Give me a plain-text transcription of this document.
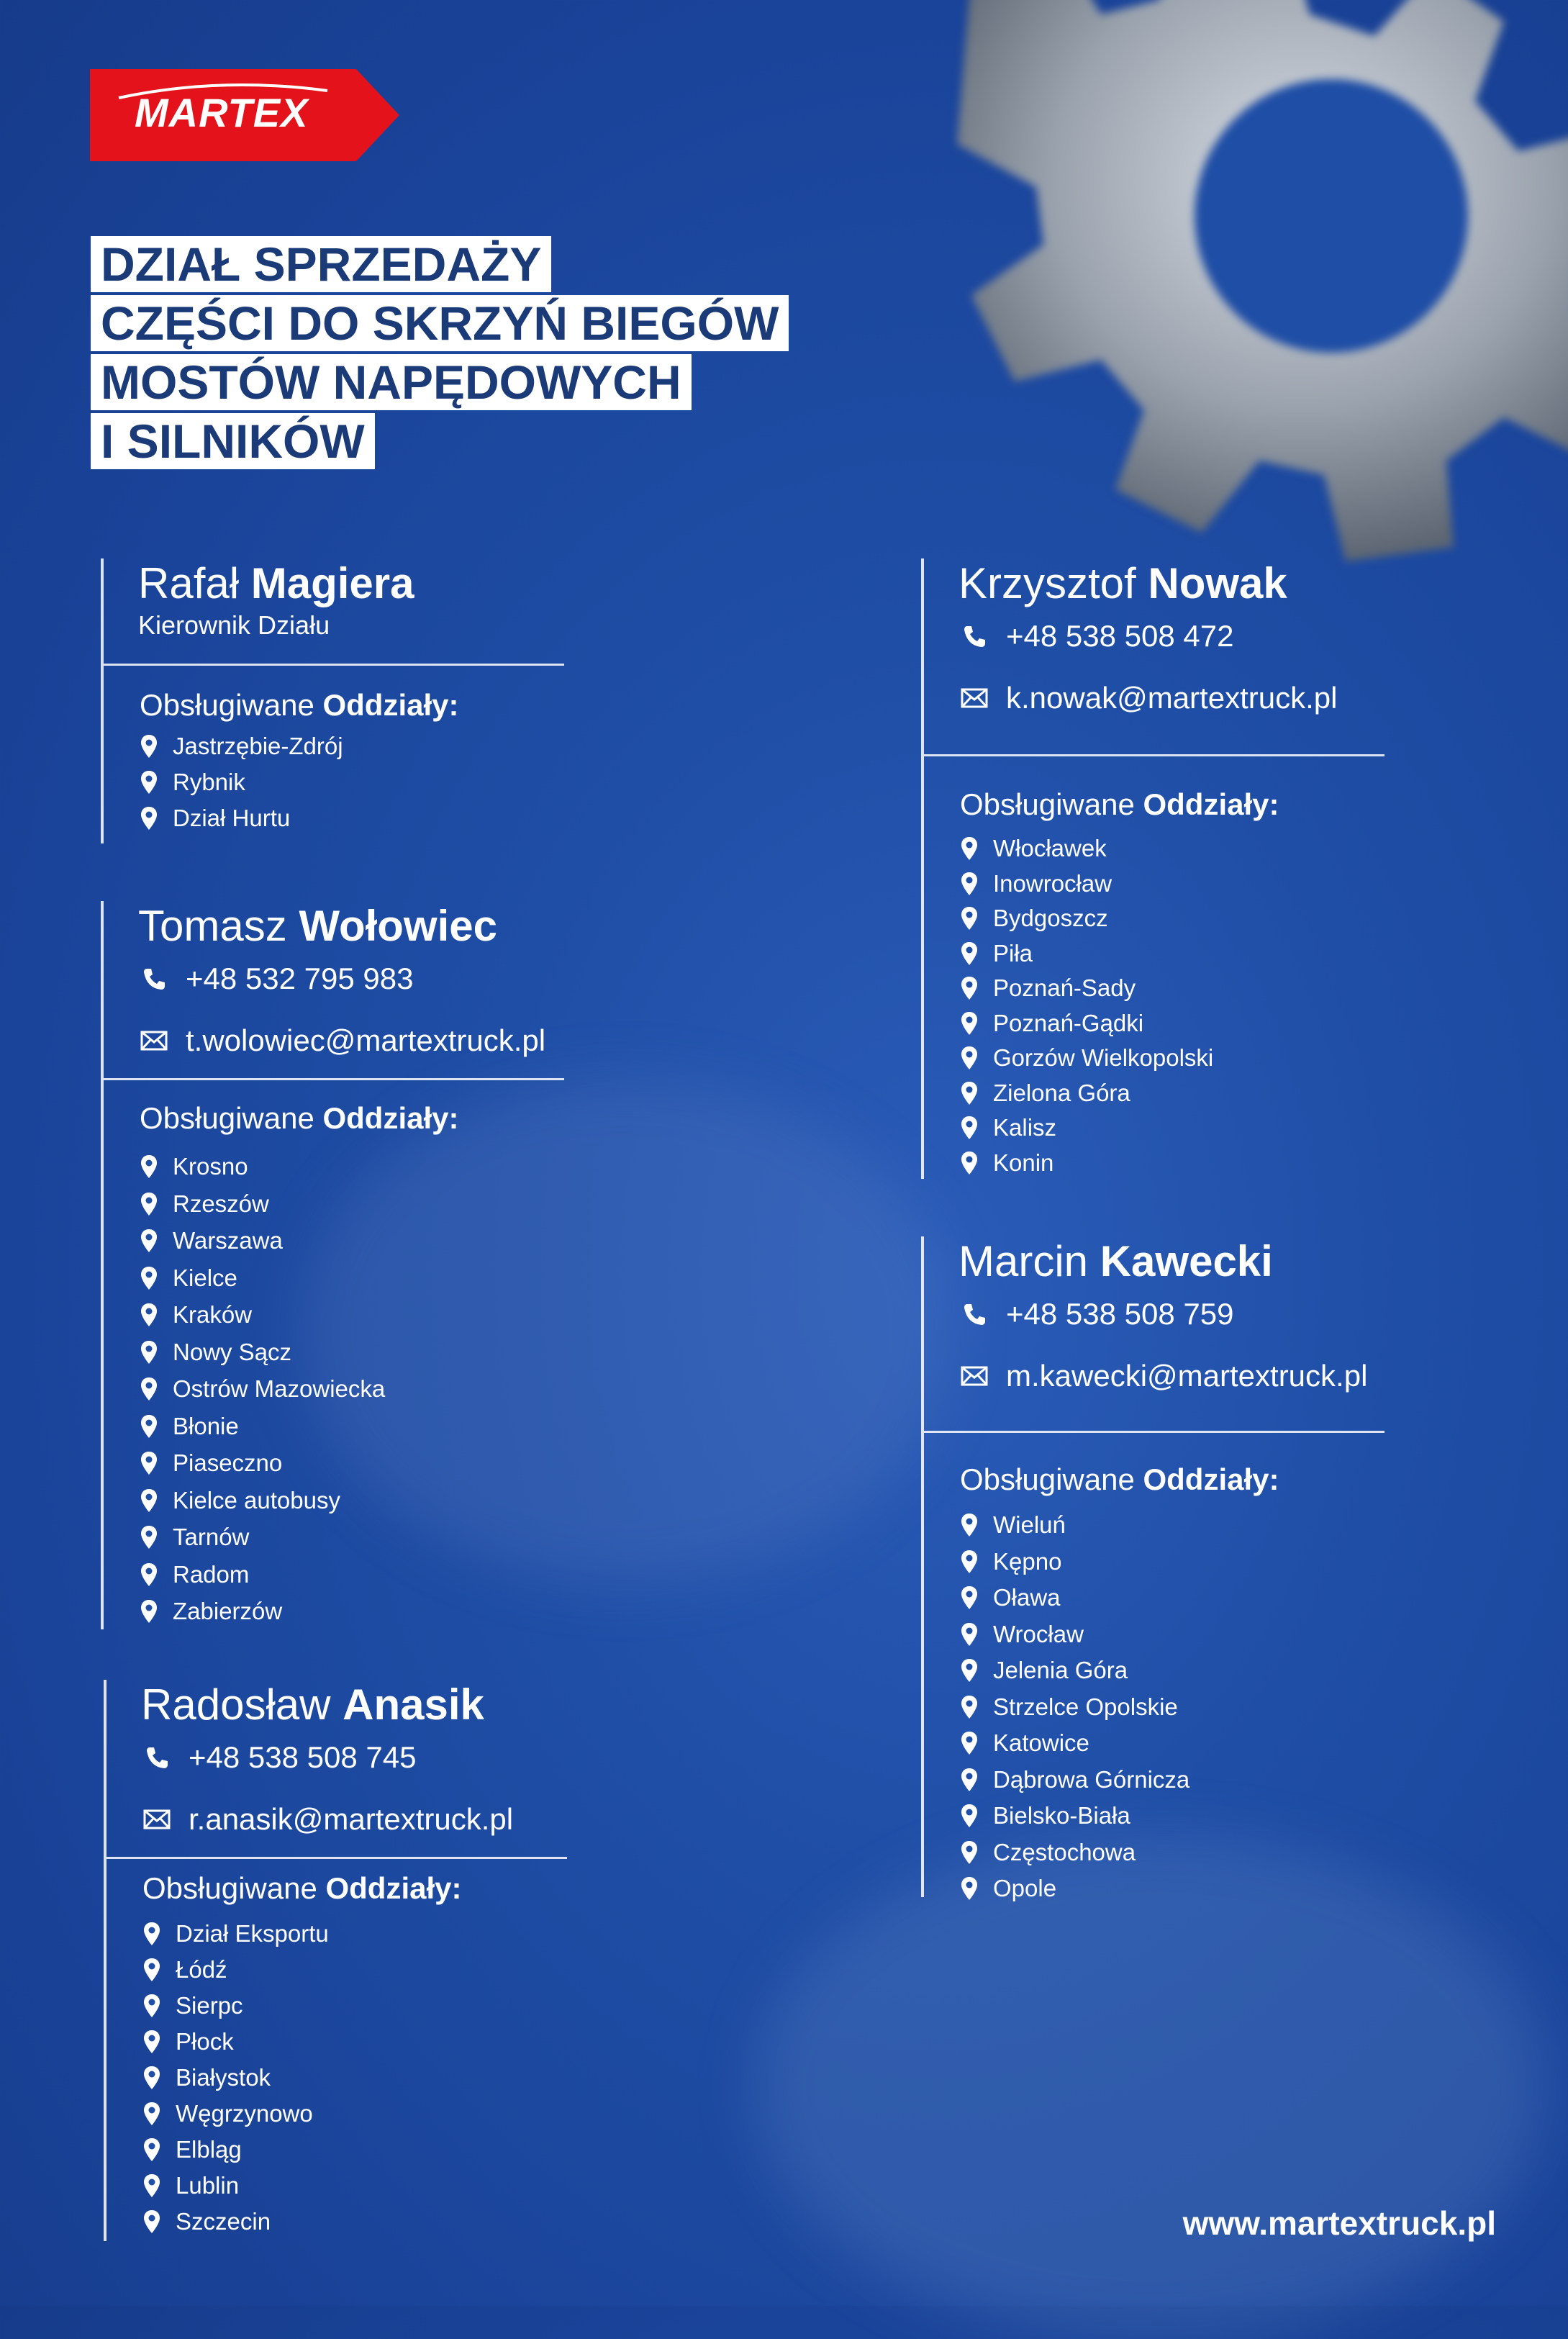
MARTEX
DZIAŁ SPRZEDAŻY
CZĘŚCI DO SKRZYŃ BIEGÓW
MOSTÓW NAPĘDOWYCH
I SILNIKÓW
Rafał Magiera
Kierownik Działu
Obsługiwane Oddziały:
Jastrzębie-Zdrój
Rybnik
Dział Hurtu
Tomasz Wołowiec
+48 532 795 983
t.wolowiec@martextruck.pl
Obsługiwane Oddziały:
Krosno
Rzeszów
Warszawa
Kielce
Kraków
Nowy Sącz
Ostrów Mazowiecka
Błonie
Piaseczno
Kielce autobusy
Tarnów
Radom
Zabierzów
Radosław Anasik
+48 538 508 745
r.anasik@martextruck.pl
Obsługiwane Oddziały:
Dział Eksportu
Łódź
Sierpc
Płock
Białystok
Węgrzynowo
Elbląg
Lublin
Szczecin
Krzysztof Nowak
+48 538 508 472
k.nowak@martextruck.pl
Obsługiwane Oddziały:
Włocławek
Inowrocław
Bydgoszcz
Piła
Poznań-Sady
Poznań-Gądki
Gorzów Wielkopolski
Zielona Góra
Kalisz
Konin
Marcin Kawecki
+48 538 508 759
m.kawecki@martextruck.pl
Obsługiwane Oddziały:
Wieluń
Kępno
Oława
Wrocław
Jelenia Góra
Strzelce Opolskie
Katowice
Dąbrowa Górnicza
Bielsko-Biała
Częstochowa
Opole
www.martextruck.pl
